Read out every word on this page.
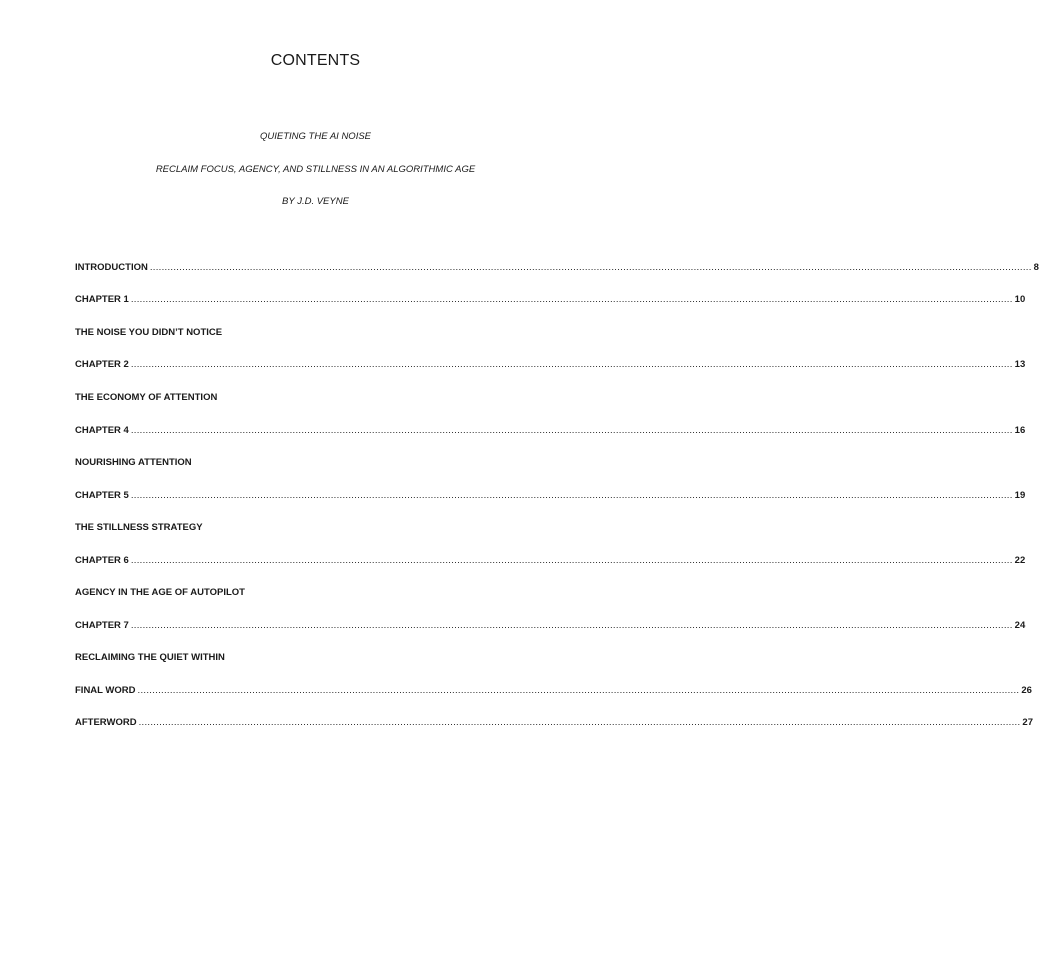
CONTENTS
QUIETING THE AI NOISE
RECLAIM FOCUS, AGENCY, AND STILLNESS IN AN ALGORITHMIC AGE
BY J.D. VEYNE
INTRODUCTION ............................................................................................................................................................................................................................................................................................................ 8
CHAPTER 1 ............................................................................................................................................................................................................................................................................................................ 10
THE NOISE YOU DIDN’T NOTICE
CHAPTER 2 ............................................................................................................................................................................................................................................................................................................ 13
THE ECONOMY OF ATTENTION
CHAPTER 4 ............................................................................................................................................................................................................................................................................................................ 16
NOURISHING ATTENTION
CHAPTER 5 ............................................................................................................................................................................................................................................................................................................ 19
THE STILLNESS STRATEGY
CHAPTER 6 ............................................................................................................................................................................................................................................................................................................ 22
AGENCY IN THE AGE OF AUTOPILOT
CHAPTER 7 ............................................................................................................................................................................................................................................................................................................ 24
RECLAIMING THE QUIET WITHIN
FINAL WORD ............................................................................................................................................................................................................................................................................................................ 26
AFTERWORD ............................................................................................................................................................................................................................................................................................................ 27
